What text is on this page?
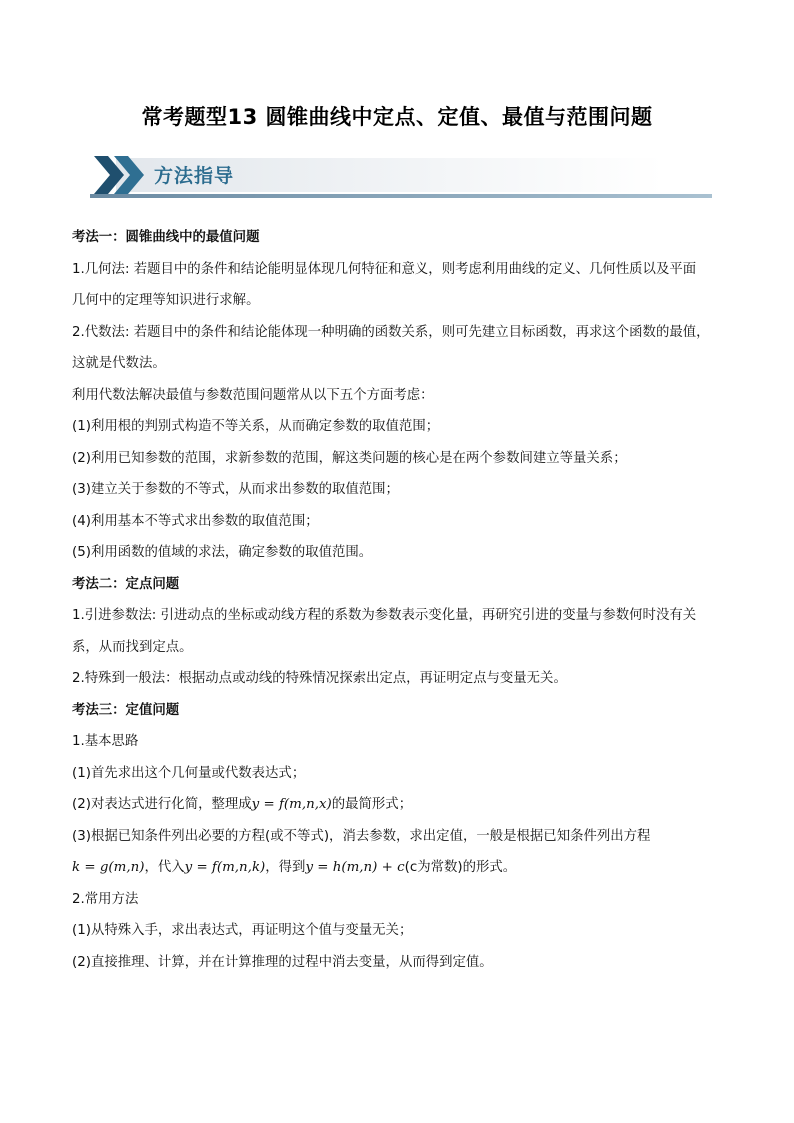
常考题型13 圆锥曲线中定点、定值、最值与范围问题
方法指导
考法一：圆锥曲线中的最值问题
1.几何法: 若题目中的条件和结论能明显体现几何特征和意义，则考虑利用曲线的定义、几何性质以及平面
几何中的定理等知识进行求解。
2.代数法: 若题目中的条件和结论能体现一种明确的函数关系，则可先建立目标函数，再求这个函数的最值，
这就是代数法。
利用代数法解决最值与参数范围问题常从以下五个方面考虑：
(1)利用根的判别式构造不等关系，从而确定参数的取值范围；
(2)利用已知参数的范围，求新参数的范围，解这类问题的核心是在两个参数间建立等量关系；
(3)建立关于参数的不等式，从而求出参数的取值范围；
(4)利用基本不等式求出参数的取值范围；
(5)利用函数的值域的求法，确定参数的取值范围。
考法二：定点问题
1.引进参数法: 引进动点的坐标或动线方程的系数为参数表示变化量，再研究引进的变量与参数何时没有关
系，从而找到定点。
2.特殊到一般法：根据动点或动线的特殊情况探索出定点，再证明定点与变量无关。
考法三：定值问题
1.基本思路
(1)首先求出这个几何量或代数表达式；
(2)对表达式进行化简，整理成y = f(m,n,x)的最简形式；
(3)根据已知条件列出必要的方程(或不等式)，消去参数，求出定值，一般是根据已知条件列出方程
k = g(m,n)，代入y = f(m,n,k)，得到y = h(m,n) + c(c为常数)的形式。
2.常用方法
(1)从特殊入手，求出表达式，再证明这个值与变量无关；
(2)直接推理、计算，并在计算推理的过程中消去变量，从而得到定值。
